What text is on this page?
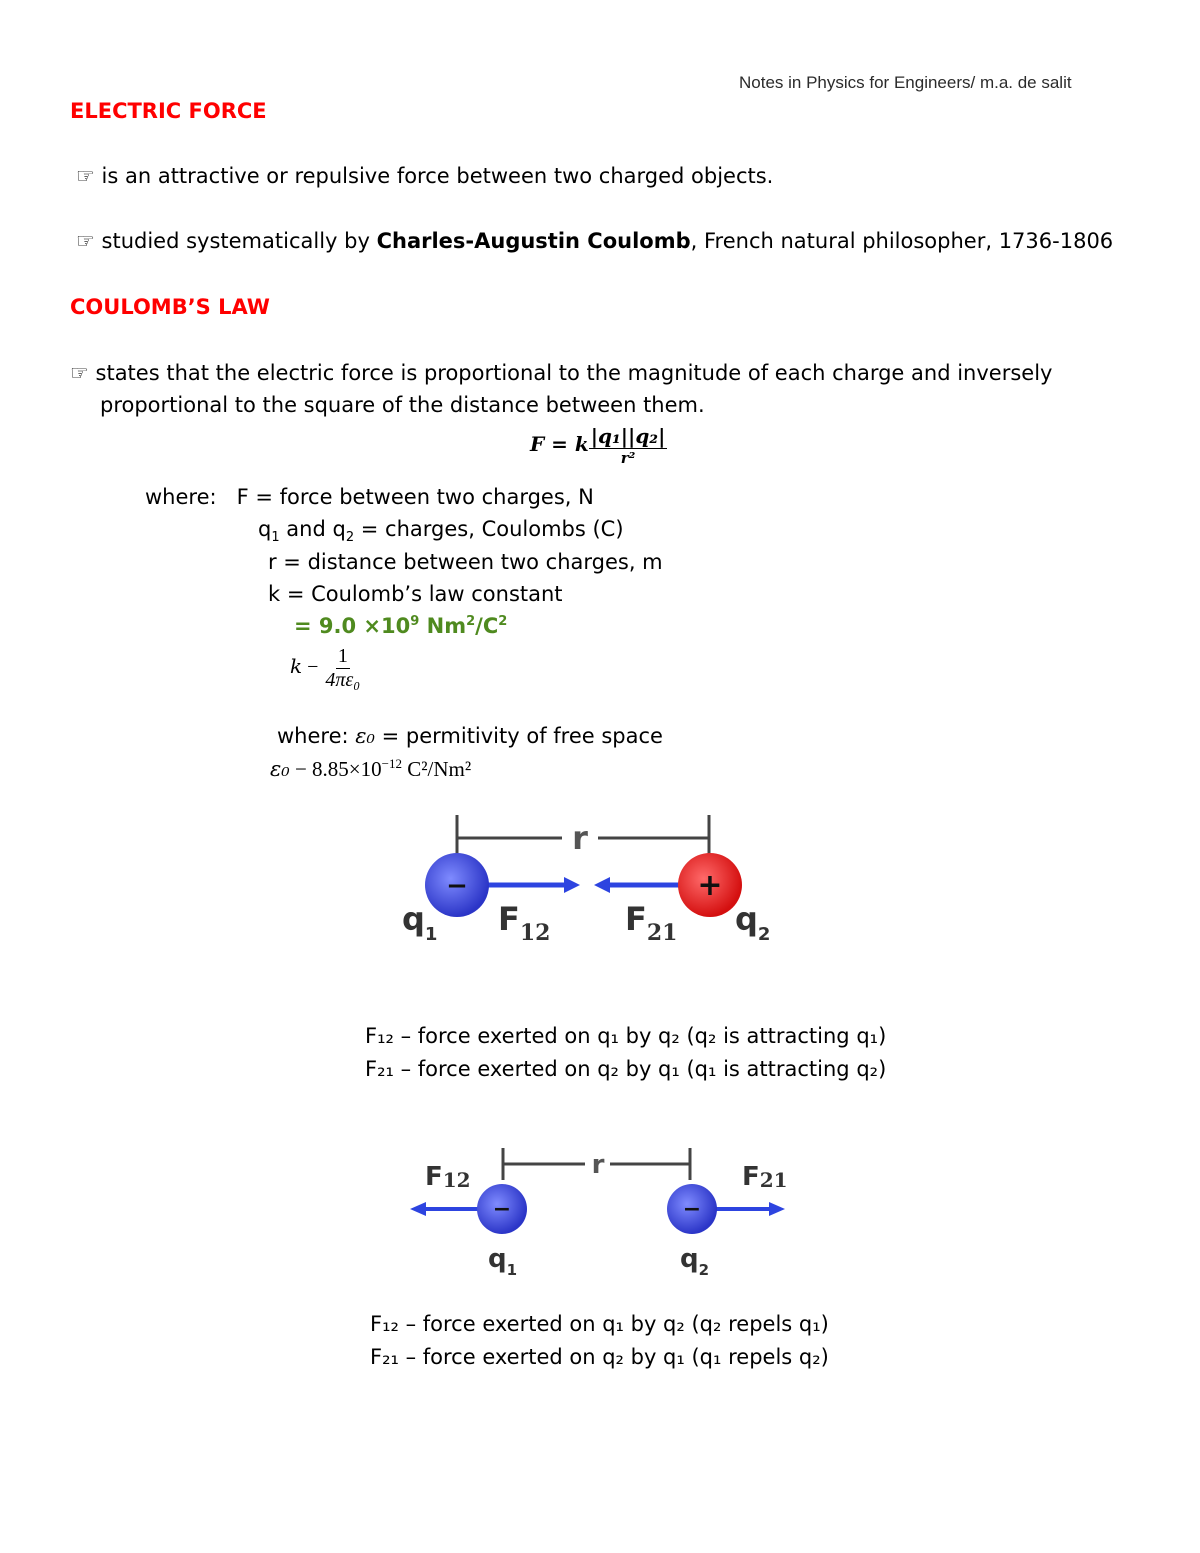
Notes in Physics for Engineers/ m.a. de salit
ELECTRIC FORCE
☞ is an attractive or repulsive force between two charged objects.
☞ studied systematically by Charles-Augustin Coulomb, French natural philosopher, 1736-1806
COULOMB’S LAW
☞ states that the electric force is proportional to the magnitude of each charge and inversely
proportional to the square of the distance between them.
F = k $\frac{\text{|q₁||q₂|}}{\text{r²}}$
where: F = force between two charges, N
$q_1$ and $q_2$ = charges, Coulombs (C)
r = distance between two charges, m
k = Coulomb’s law constant
= $9.0 \times 10^9$ $Nm^2/C^2$
$k - \frac{1}{\text{4πε₀}}$
where: ε₀ = permitivity of free space
$\varepsilon_0 - 8.85\times 10^{-12}$ C²/Nm²
r
−	+
$q_1$ $F_{12}$ $F_{21}$ $q_2$
F₁₂ – force exerted on q₁ by q₂ (q₂ is attracting q₁)
F₂₁ – force exerted on q₂ by q₁ (q₁ is attracting q₂)
r
−	−
F12	F21
$q_1$	$q_2$
F₁₂ – force exerted on q₁ by q₂ (q₂ repels q₁)
F₂₁ – force exerted on q₂ by q₁ (q₁ repels q₂)
